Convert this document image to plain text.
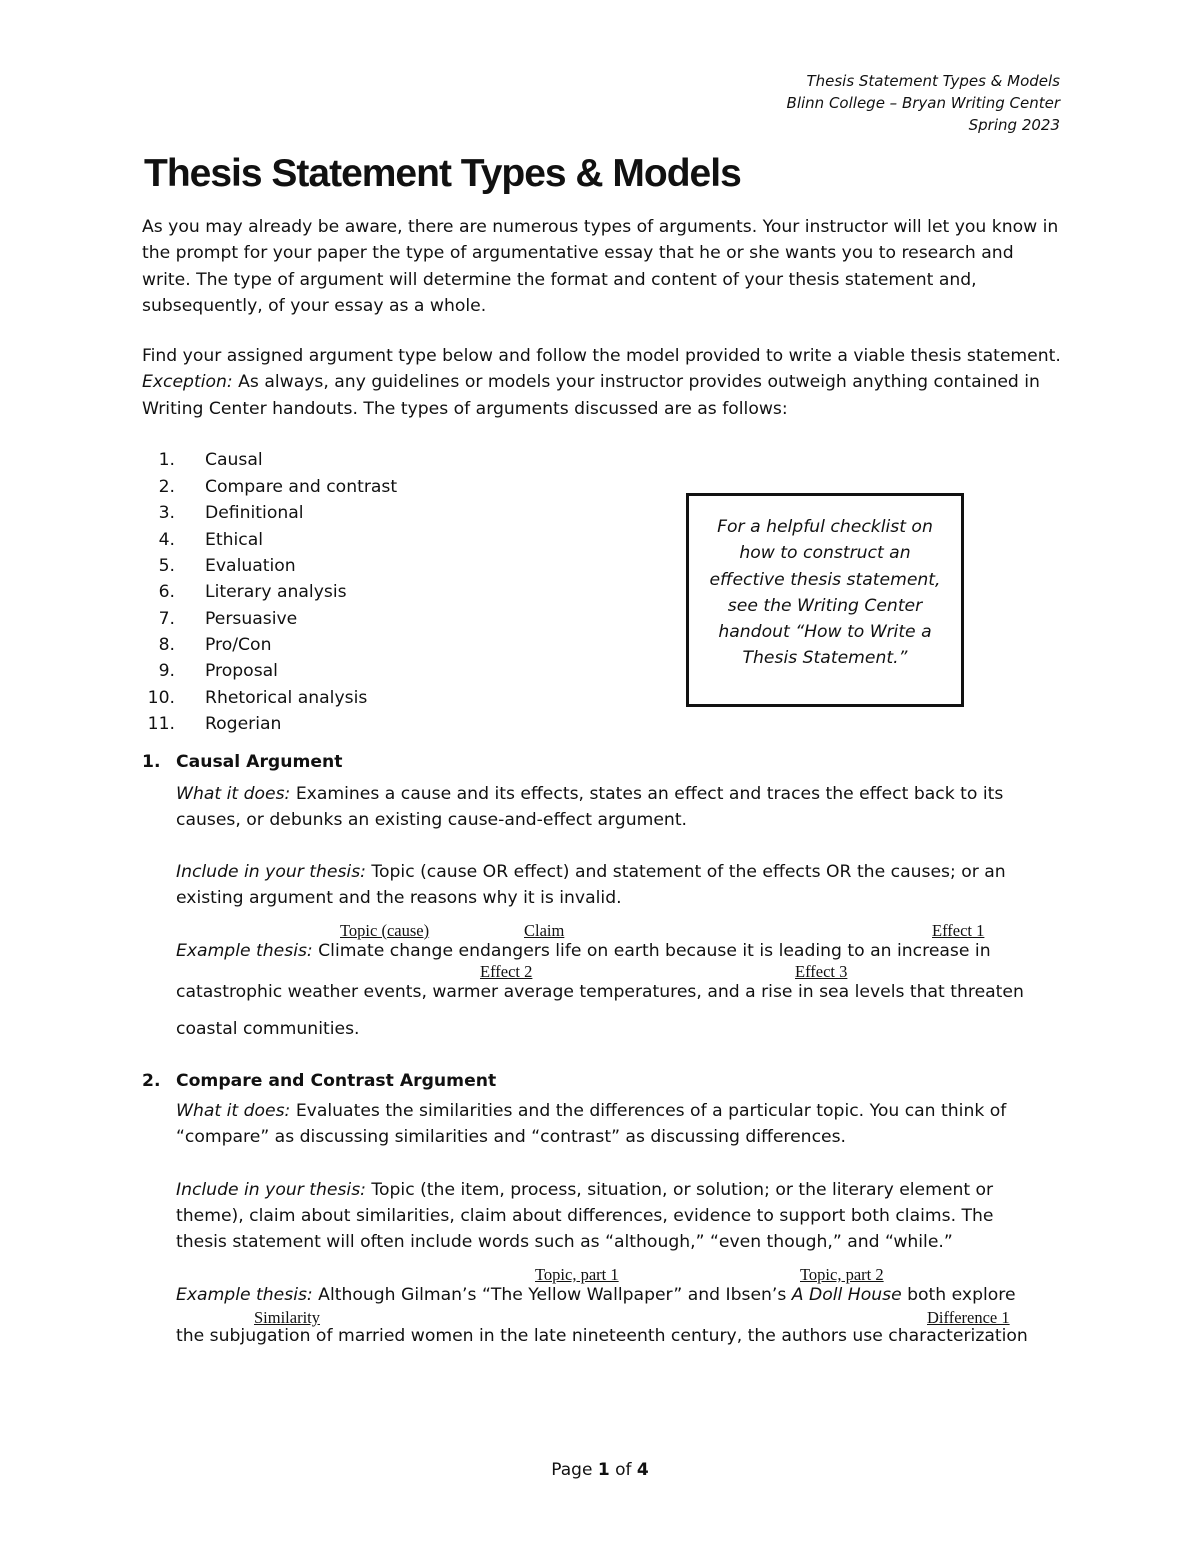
Thesis Statement Types & Models
Blinn College – Bryan Writing Center
Spring 2023
Thesis Statement Types & Models

As you may already be aware, there are numerous types of arguments. Your instructor will let you know in the prompt for your paper the type of argumentative essay that he or she wants you to research and write. The type of argument will determine the format and content of your thesis statement and, subsequently, of your essay as a whole.

Find your assigned argument type below and follow the model provided to write a viable thesis statement. Exception: As always, any guidelines or models your instructor provides outweigh anything contained in Writing Center handouts. The types of arguments discussed are as follows:

1. Causal
2. Compare and contrast
3. Definitional
4. Ethical
5. Evaluation
6. Literary analysis
7. Persuasive
8. Pro/Con
9. Proposal
10. Rhetorical analysis
11. Rogerian
For a helpful checklist on
how to construct an
effective thesis statement,
see the Writing Center
handout “How to Write a
Thesis Statement.”
1. Causal Argument
What it does: Examines a cause and its effects, states an effect and traces the effect back to its
causes, or debunks an existing cause-and-effect argument.
Include in your thesis: Topic (cause OR effect) and statement of the effects OR the causes; or an
existing argument and the reasons why it is invalid.
Topic (cause)	Claim	Effect 1
Example thesis: Climate change endangers life on earth because it is leading to an increase in
Effect 2	Effect 3
catastrophic weather events, warmer average temperatures, and a rise in sea levels that threaten
coastal communities.
2. Compare and Contrast Argument
What it does: Evaluates the similarities and the differences of a particular topic. You can think of
“compare” as discussing similarities and “contrast” as discussing differences.
Include in your thesis: Topic (the item, process, situation, or solution; or the literary element or
theme), claim about similarities, claim about differences, evidence to support both claims. The
thesis statement will often include words such as “although,” “even though,” and “while.”
Topic, part 1	Topic, part 2
Example thesis: Although Gilman’s “The Yellow Wallpaper” and Ibsen’s A Doll House both explore
Similarity	Difference 1
the subjugation of married women in the late nineteenth century, the authors use characterization
Page 1 of 4
